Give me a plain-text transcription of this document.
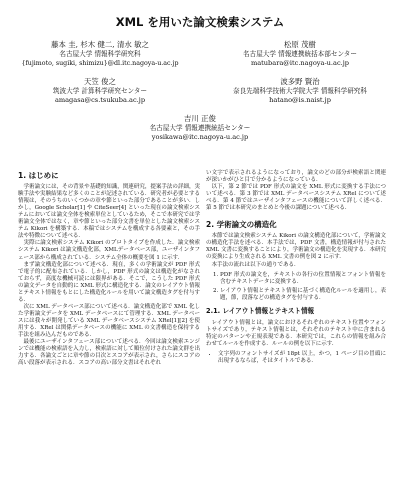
XML を用いた論文検索システム
藤本 圭, 杉木 健二, 清水 敏之
名古屋大学 情報科学研究科
{fujimoto, sugiki, shimizu}@dl.itc.nagoya-u.ac.jp
松原 茂樹
名古屋大学 情報連携統括本部センター
matubara@itc.nagoya-u.ac.jp
天笠 俊之
筑波大学 計算科学研究センター
amagasa@cs.tsukuba.ac.jp
波多野 賢治
奈良先端科学技術大学院大学 情報科学研究科
hatano@is.naist.jp
吉川 正俊
名古屋大学 情報連携統括センター
yosikawa@itc.nagoya-u.ac.jp
1. はじめに

学術論文には，その背景や基礎的知識，関連研究，提案手法の詳細，実験手法や実験結果など多くのことが記述されている．研究者が必要とする情報は，そのうちのいくつかの章や節といった部分であることが多い．しかし，Google Scholar[1] や CiteSeer[4] といった現在の論文検索システムにおいては論文全体を検索単位としているため，そこで本研究では学術論文全体ではなく，章や節といった部分文書を単位とした論文検索システム Kikori を構築する．本稿ではシステムを構成する各要素と，その手法や特徴について述べる．

実際に論文検索システム Kikori のプロトタイプを作成した．論文検索システム Kikori は論文構造化部，XMLデータベース部，ユーザインタフェース部から構成されている．システム全体の概要を図 1 に示す．

まず論文構造化部について述べる．現在，多くの学術論文が PDF 形式で電子的に配布されている．しかし，PDF 形式の論文は構造化がなされておらず，高度な機械可読には限界がある．そこで，こうした PDF 形式の論文データを自動的に XML 形式に構造化する．論文のレイアウト情報とテキスト情報をもとにした構造化ルールを用いて論文構造タグを付与する．

次に XML データベース部について述べる．論文構造化部で XML 化した学術論文データを XML データベースにて管理する．XML データベースには我々が開発している XML データベースシステム XRel[1][2] を使用する．XRel は関係データベースの機能に XML の文書構造を保持する手法を組み込んだものである．

最後にユーザインタフェース部について述べる．今回は論文検索エンジンでは機能の検索語を入力し，検索語に対して順位付けされた論文群を出力する．各論文ごとに章や節の目次とスコアが表示され，さらにスコアの高い段落が表示される．スコアの高い部分文書はそれぞれ

い文字で表示されるようになっており，論文のどの部分が検索語と関連が深いかがひと目で分かるようになっている．

以下，第 2 節では PDF 形式の論文を XML 形式に変換する手法について述べる．第 3 節では XML データベースシステム XRel について述べる．第 4 節ではユーザインタフェースの機能について詳しく述べる．第 5 節では本研究のまとめと今後の課題について述べる．

2. 学術論文の構造化

本節では論文検索システム Kikori の論文構造化部について，学術論文の構造化手法を述べる．本手法では，PDF 文書，構造情報が付与された XML 文書に変換することにより，学術論文の構造化を実現する．本研究の変換により生成される XML 文書の例を図 2 に示す．

本手法の流れは以下の通りである．

1. PDF 形式の論文を，テキストの各行の位置情報とフォント情報を含むテキストデータに変換する．
2. レイアウト情報とテキスト情報に基づく構造化ルールを適用し，表題，節，段落などの構造タグを付与する．
2.1. レイアウト情報とテキスト情報

レイアウト情報とは，論文におけるそれぞれのテキスト位置やフォントサイズであり，テキスト情報とは，それぞれのテキスト中に含まれる特定のパターンや正規表現である．本研究では，これらの情報を組み合わせてルールを作成する．ルールの例を以下に示す．

• 文字列のフォントサイズが 18pt 以上，かつ，1 ページ目の冒頭に出現するならば，そはタイトルである．
